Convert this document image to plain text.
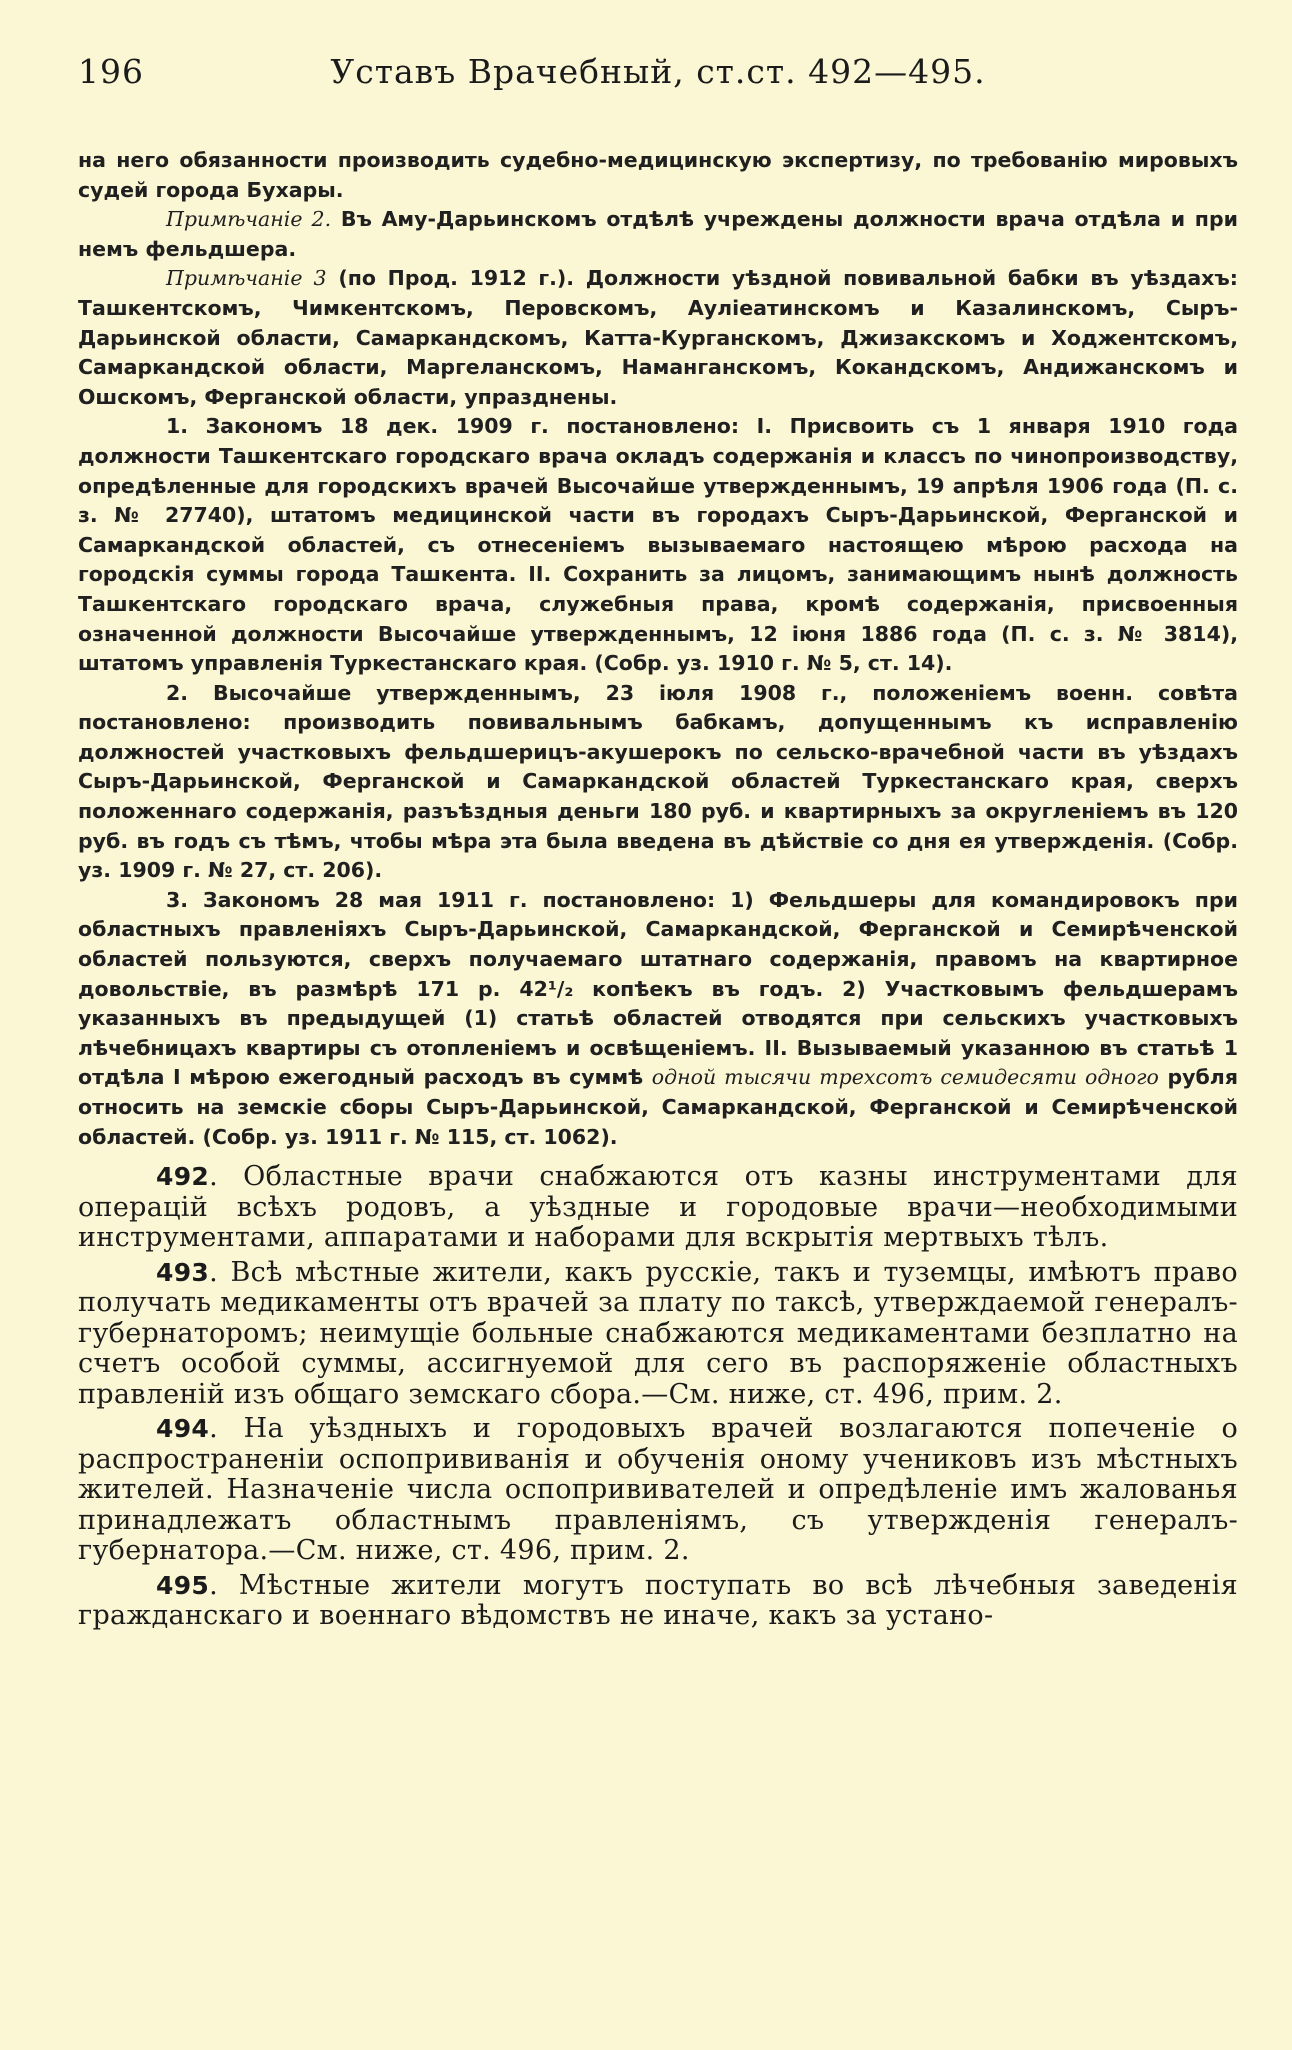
196	Уставъ Врачебный, ст.ст. 492—495.

на него обязанности производить судебно-медицинскую экспертизу, по требованію мировыхъ судей города Бухары.

Примѣчаніе 2. Въ Аму-Дарьинскомъ отдѣлѣ учреждены должности врача отдѣла и при немъ фельдшера.

Примѣчаніе 3 (по Прод. 1912 г.). Должности уѣздной повивальной бабки въ уѣздахъ: Ташкентскомъ, Чимкентскомъ, Перовскомъ, Ауліеатинскомъ и Казалинскомъ, Сыръ-Дарьинской области, Самаркандскомъ, Катта-Курганскомъ, Джизакскомъ и Ходжентскомъ, Самаркандской области, Маргеланскомъ, Наманганскомъ, Кокандскомъ, Андижанскомъ и Ошскомъ, Ферганской области, упразднены.

1. Закономъ 18 дек. 1909 г. постановлено: I. Присвоить съ 1 января 1910 года должности Ташкентскаго городскаго врача окладъ содержанія и классъ по чинопроизводству, опредѣленные для городскихъ врачей Высочайше утвержденнымъ, 19 апрѣля 1906 года (П. с. з. № 27740), штатомъ медицинской части въ городахъ Сыръ-Дарьинской, Ферганской и Самаркандской областей, съ отнесеніемъ вызываемаго настоящею мѣрою расхода на городскія суммы города Ташкента. II. Сохранить за лицомъ, занимающимъ нынѣ должность Ташкентскаго городскаго врача, служебныя права, кромѣ содержанія, присвоенныя означенной должности Высочайше утвержденнымъ, 12 іюня 1886 года (П. с. з. № 3814), штатомъ управленія Туркестанскаго края. (Собр. уз. 1910 г. № 5, ст. 14).

2. Высочайше утвержденнымъ, 23 іюля 1908 г., положеніемъ военн. совѣта постановлено: производить повивальнымъ бабкамъ, допущеннымъ къ исправленію должностей участковыхъ фельдшерицъ-акушерокъ по сельско-врачебной части въ уѣздахъ Сыръ-Дарьинской, Ферганской и Самаркандской областей Туркестанскаго края, сверхъ положеннаго содержанія, разъѣздныя деньги 180 руб. и квартирныхъ за округленіемъ въ 120 руб. въ годъ съ тѣмъ, чтобы мѣра эта была введена въ дѣйствіе со дня ея утвержденія. (Собр. уз. 1909 г. № 27, ст. 206).

3. Закономъ 28 мая 1911 г. постановлено: 1) Фельдшеры для командировокъ при областныхъ правленіяхъ Сыръ-Дарьинской, Самаркандской, Ферганской и Семирѣченской областей пользуются, сверхъ получаемаго штатнаго содержанія, правомъ на квартирное довольствіе, въ размѣрѣ 171 р. 42¹/₂ копѣекъ въ годъ. 2) Участковымъ фельдшерамъ указанныхъ въ предыдущей (1) статьѣ областей отводятся при сельскихъ участковыхъ лѣчебницахъ квартиры съ отопленіемъ и освѣщеніемъ. II. Вызываемый указанною въ статьѣ 1 отдѣла I мѣрою ежегодный расходъ въ суммѣ одной тысячи трехсотъ семидесяти одного рубля относить на земскіе сборы Сыръ-Дарьинской, Самаркандской, Ферганской и Семирѣченской областей. (Собр. уз. 1911 г. № 115, ст. 1062).

492. Областные врачи снабжаются отъ казны инструментами для операцій всѣхъ родовъ, а уѣздные и городовые врачи—необходимыми инструментами, аппаратами и наборами для вскрытія мертвыхъ тѣлъ.

493. Всѣ мѣстные жители, какъ русскіе, такъ и туземцы, имѣютъ право получать медикаменты отъ врачей за плату по таксѣ, утверждаемой генералъ-губернаторомъ; неимущіе больные снабжаются медикаментами безплатно на счетъ особой суммы, ассигнуемой для сего въ распоряженіе областныхъ правленій изъ общаго земскаго сбора.—См. ниже, ст. 496, прим. 2.

494. На уѣздныхъ и городовыхъ врачей возлагаются попеченіе о распространеніи оспопрививанія и обученія оному учениковъ изъ мѣстныхъ жителей. Назначеніе числа оспопрививателей и опредѣленіе имъ жалованья принадлежатъ областнымъ правленіямъ, съ утвержденія генералъ-губернатора.—См. ниже, ст. 496, прим. 2.

495. Мѣстные жители могутъ поступать во всѣ лѣчебныя заведенія гражданскаго и военнаго вѣдомствъ не иначе, какъ за устано-
